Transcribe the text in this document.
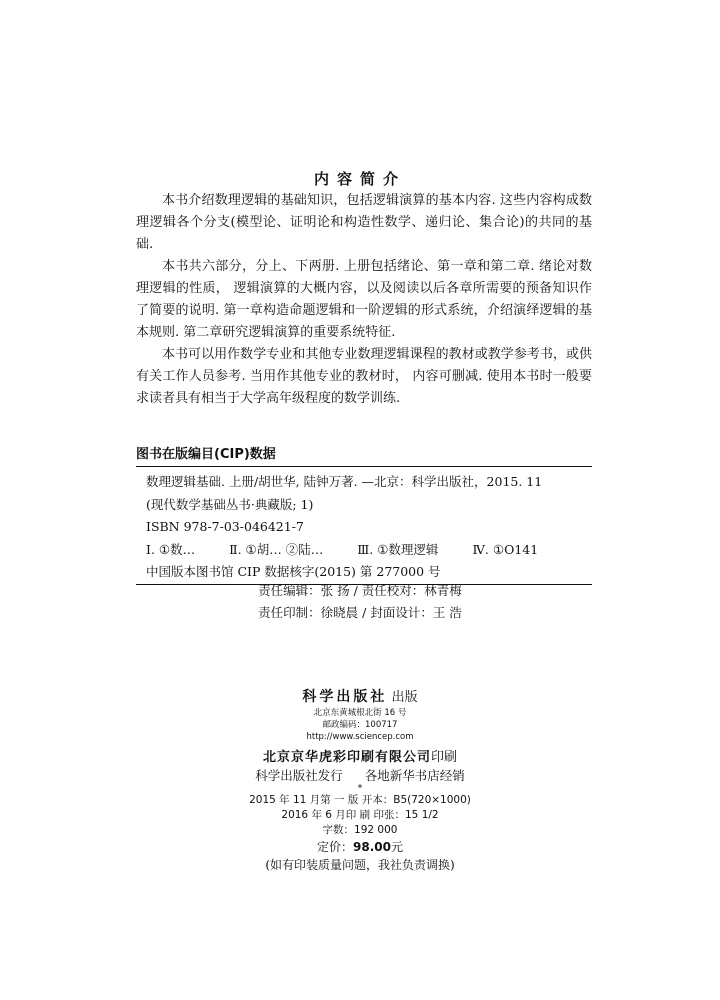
内容简介

本书介绍数理逻辑的基础知识，包括逻辑演算的基本内容. 这些内容构成数理逻辑各个分支(模型论、证明论和构造性数学、递归论、集合论)的共同的基础.

本书共六部分，分上、下两册. 上册包括绪论、第一章和第二章. 绪论对数理逻辑的性质， 逻辑演算的大概内容，以及阅读以后各章所需要的预备知识作了简要的说明. 第一章构造命题逻辑和一阶逻辑的形式系统，介绍演绎逻辑的基本规则. 第二章研究逻辑演算的重要系统特征.

本书可以用作数学专业和其他专业数理逻辑课程的教材或教学参考书，或供有关工作人员参考. 当用作其他专业的教材时， 内容可删减. 使用本书时一般要求读者具有相当于大学高年级程度的数学训练.

图书在版编目(CIP)数据
数理逻辑基础. 上册/胡世华, 陆钟万著. —北京：科学出版社，2015. 11
(现代数学基础丛书·典藏版; 1)
ISBN 978-7-03-046421-7
Ⅰ. ①数…	Ⅱ. ①胡… ②陆…	Ⅲ. ①数理逻辑	Ⅳ. ①O141
中国版本图书馆 CIP 数据核字(2015) 第 277000 号
责任编辑：张 扬 / 责任校对：林青梅
责任印制：徐晓晨 / 封面设计：王 浩
科学出版社 出版
北京东黄城根北街 16 号
邮政编码：100717
http://www.sciencep.com
北京京华虎彩印刷有限公司印刷
科学出版社发行 各地新华书店经销
*
2015 年 11 月第 一 版 开本：B5(720×1000)
2016 年 6 月印 刷 印张：15 1/2
字数：192 000
定价：98.00元
(如有印装质量问题，我社负责调换)
